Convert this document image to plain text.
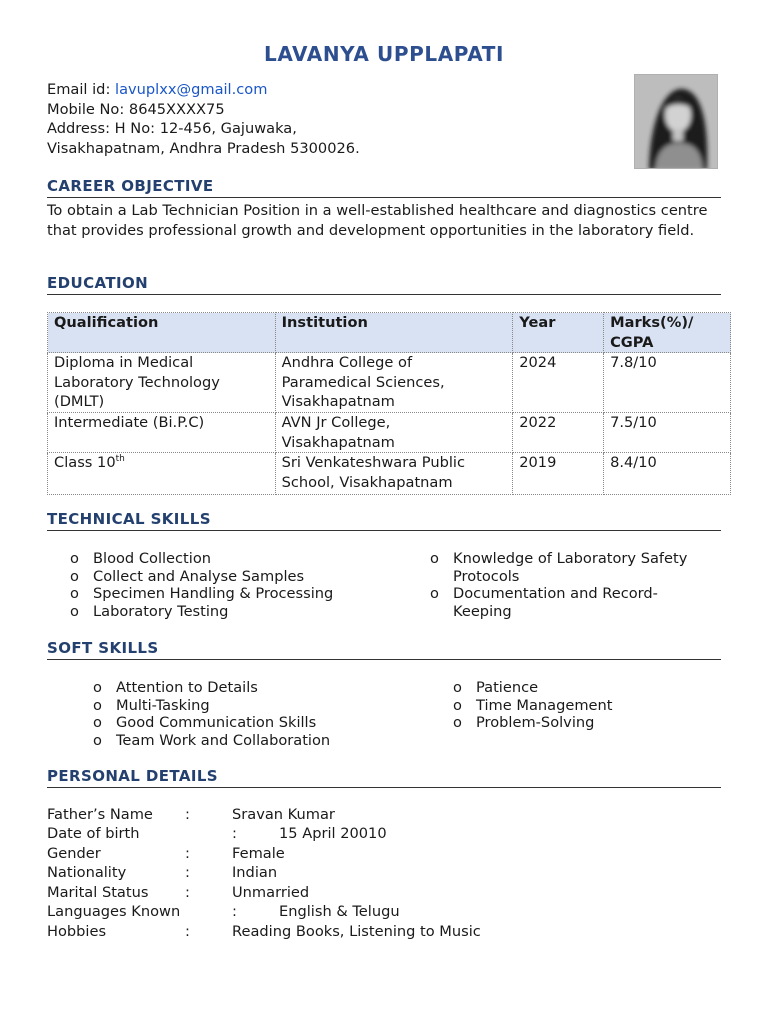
LAVANYA UPPLAPATI
Email id: lavuplxx@gmail.com
Mobile No: 8645XXXX75
Address: H No: 12-456, Gajuwaka,
Visakhapatnam, Andhra Pradesh 5300026.
CAREER OBJECTIVE
To obtain a Lab Technician Position in a well-established healthcare and diagnostics centre that provides professional growth and development opportunities in the laboratory field.
EDUCATION
Qualification	Institution	Year	Marks(%)/ CGPA
Diploma in Medical Laboratory Technology (DMLT)	Andhra College of Paramedical Sciences, Visakhapatnam	2024	7.8/10
Intermediate (Bi.P.C)	AVN Jr College, Visakhapatnam	2022	7.5/10
Class 10th	Sri Venkateshwara Public School, Visakhapatnam	2019	8.4/10
TECHNICAL SKILLS
o Blood Collection
o Collect and Analyse Samples
o Specimen Handling & Processing
o Laboratory Testing
o Knowledge of Laboratory Safety Protocols
o Documentation and Record-Keeping
SOFT SKILLS
o Attention to Details
o Multi-Tasking
o Good Communication Skills
o Team Work and Collaboration
o Patience
o Time Management
o Problem-Solving
PERSONAL DETAILS
Father’s Name :	Sravan Kumar
Date of birth	:	15 April 20010
Gender	:	Female
Nationality	:	Indian
Marital Status	:	Unmarried
Languages Known	:	English & Telugu
Hobbies	:	Reading Books, Listening to Music
